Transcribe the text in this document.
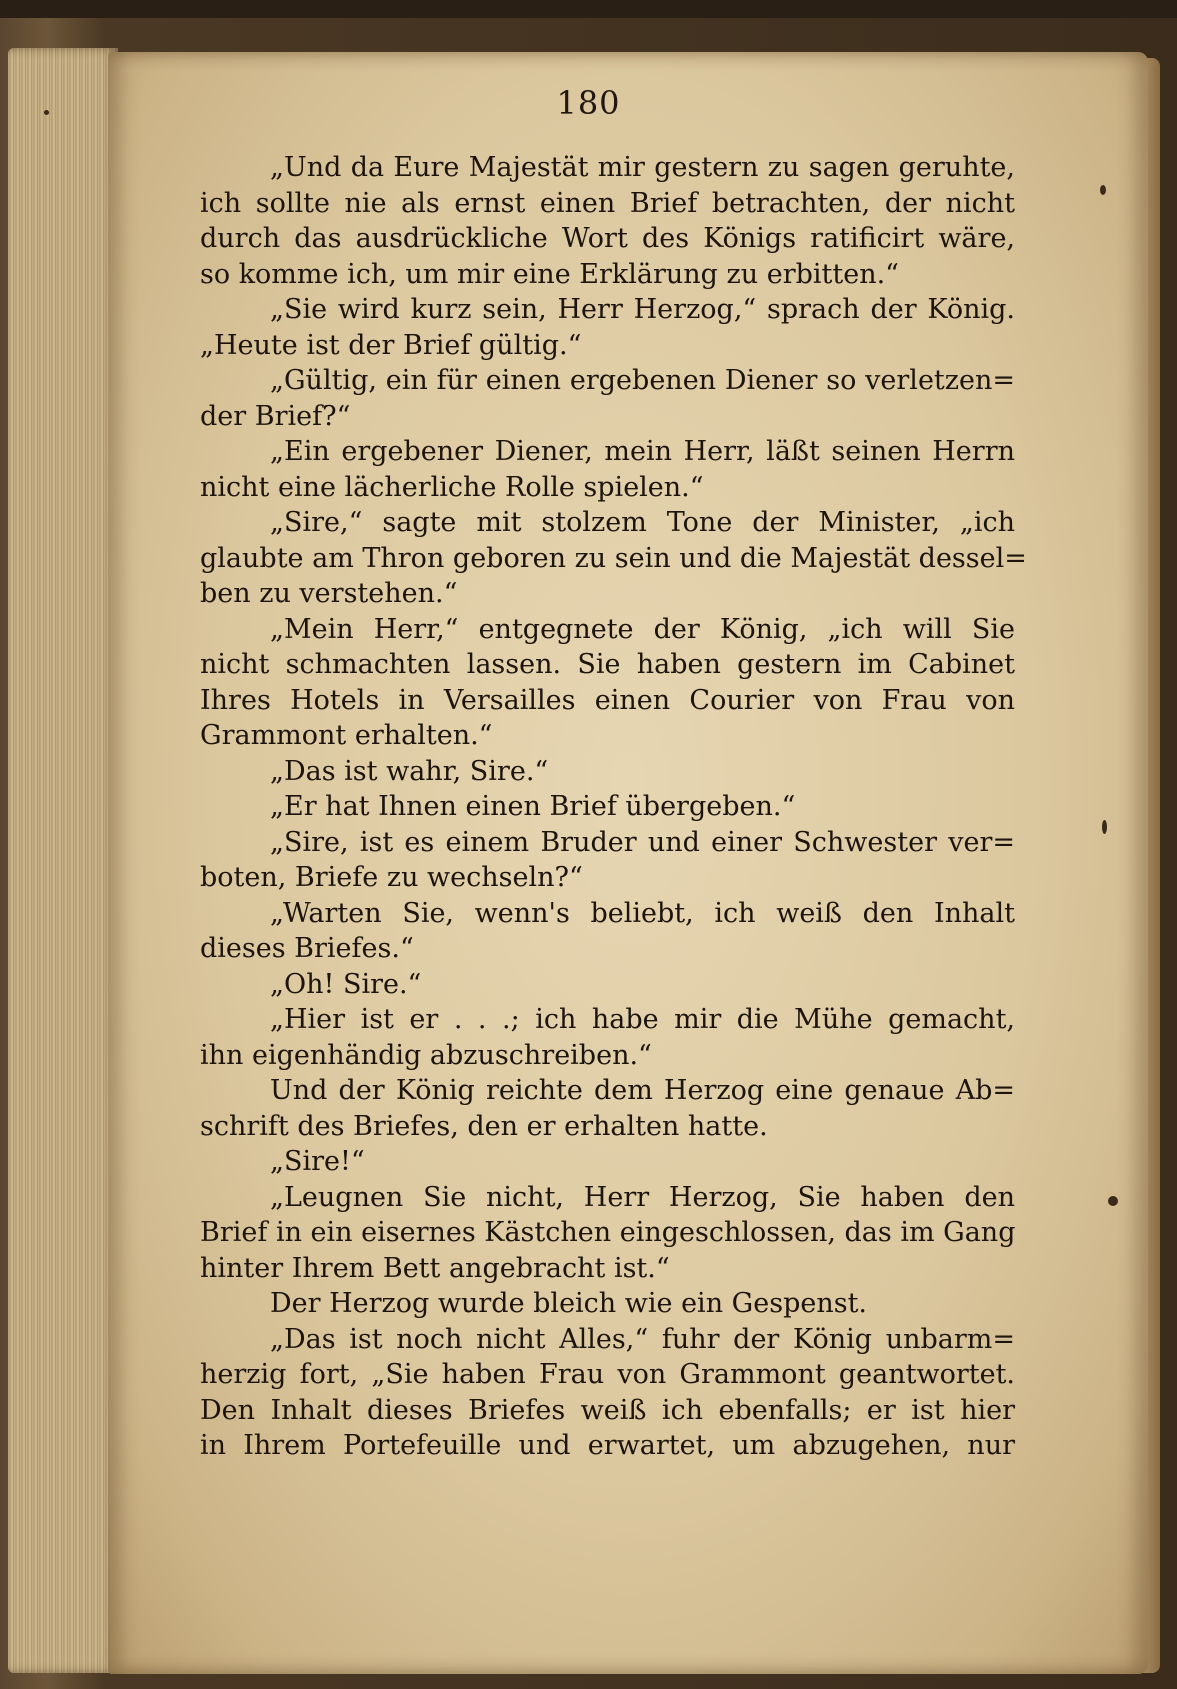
180
„Und da Eure Majestät mir gestern zu sagen geruhte,
ich sollte nie als ernst einen Brief betrachten, der nicht
durch das ausdrückliche Wort des Königs ratificirt wäre,
so komme ich, um mir eine Erklärung zu erbitten.“
„Sie wird kurz sein, Herr Herzog,“ sprach der König.
„Heute ist der Brief gültig.“
„Gültig, ein für einen ergebenen Diener so verletzen=
der Brief?“
„Ein ergebener Diener, mein Herr, läßt seinen Herrn
nicht eine lächerliche Rolle spielen.“
„Sire,“ sagte mit stolzem Tone der Minister, „ich
glaubte am Thron geboren zu sein und die Majestät dessel=
ben zu verstehen.“
„Mein Herr,“ entgegnete der König, „ich will Sie
nicht schmachten lassen. Sie haben gestern im Cabinet
Ihres Hotels in Versailles einen Courier von Frau von
Grammont erhalten.“
„Das ist wahr, Sire.“
„Er hat Ihnen einen Brief übergeben.“
„Sire, ist es einem Bruder und einer Schwester ver=
boten, Briefe zu wechseln?“
„Warten Sie, wenn's beliebt, ich weiß den Inhalt
dieses Briefes.“
„Oh! Sire.“
„Hier ist er . . .; ich habe mir die Mühe gemacht,
ihn eigenhändig abzuschreiben.“
Und der König reichte dem Herzog eine genaue Ab=
schrift des Briefes, den er erhalten hatte.
„Sire!“
„Leugnen Sie nicht, Herr Herzog, Sie haben den
Brief in ein eisernes Kästchen eingeschlossen, das im Gang
hinter Ihrem Bett angebracht ist.“
Der Herzog wurde bleich wie ein Gespenst.
„Das ist noch nicht Alles,“ fuhr der König unbarm=
herzig fort, „Sie haben Frau von Grammont geantwortet.
Den Inhalt dieses Briefes weiß ich ebenfalls; er ist hier
in Ihrem Portefeuille und erwartet, um abzugehen, nur
